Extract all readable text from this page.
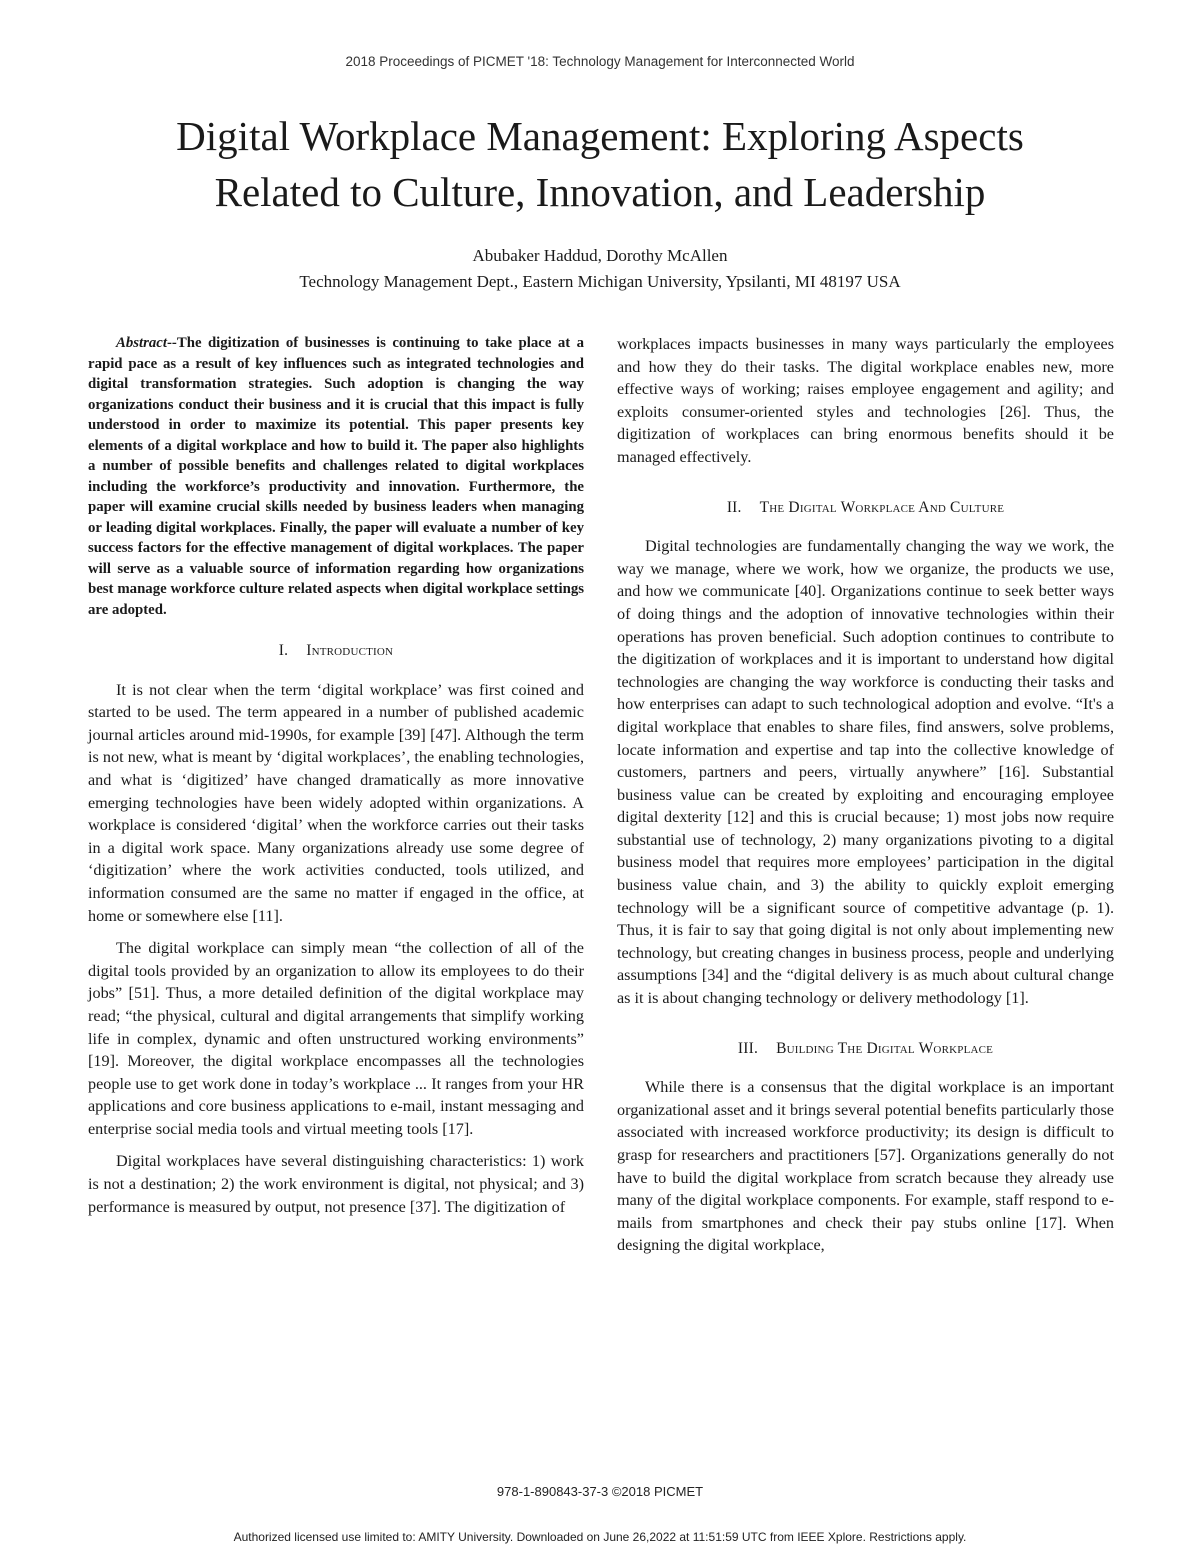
2018 Proceedings of PICMET '18: Technology Management for Interconnected World
Digital Workplace Management: Exploring Aspects
Related to Culture, Innovation, and Leadership
Abubaker Haddud, Dorothy McAllen
Technology Management Dept., Eastern Michigan University, Ypsilanti, MI 48197 USA

Abstract--The digitization of businesses is continuing to take place at a rapid pace as a result of key influences such as integrated technologies and digital transformation strategies. Such adoption is changing the way organizations conduct their business and it is crucial that this impact is fully understood in order to maximize its potential. This paper presents key elements of a digital workplace and how to build it. The paper also highlights a number of possible benefits and challenges related to digital workplaces including the workforce’s productivity and innovation. Furthermore, the paper will examine crucial skills needed by business leaders when managing or leading digital workplaces. Finally, the paper will evaluate a number of key success factors for the effective management of digital workplaces. The paper will serve as a valuable source of information regarding how organizations best manage workforce culture related aspects when digital workplace settings are adopted.

I. Introduction

It is not clear when the term ‘digital workplace’ was first coined and started to be used. The term appeared in a number of published academic journal articles around mid-1990s, for example [39] [47]. Although the term is not new, what is meant by ‘digital workplaces’, the enabling technologies, and what is ‘digitized’ have changed dramatically as more innovative emerging technologies have been widely adopted within organizations. A workplace is considered ‘digital’ when the workforce carries out their tasks in a digital work space. Many organizations already use some degree of ‘digitization’ where the work activities conducted, tools utilized, and information consumed are the same no matter if engaged in the office, at home or somewhere else [11].

The digital workplace can simply mean “the collection of all of the digital tools provided by an organization to allow its employees to do their jobs” [51]. Thus, a more detailed definition of the digital workplace may read; “the physical, cultural and digital arrangements that simplify working life in complex, dynamic and often unstructured working environments” [19]. Moreover, the digital workplace encompasses all the technologies people use to get work done in today’s workplace ... It ranges from your HR applications and core business applications to e-mail, instant messaging and enterprise social media tools and virtual meeting tools [17].

Digital workplaces have several distinguishing characteristics: 1) work is not a destination; 2) the work environment is digital, not physical; and 3) performance is measured by output, not presence [37]. The digitization of

workplaces impacts businesses in many ways particularly the employees and how they do their tasks. The digital workplace enables new, more effective ways of working; raises employee engagement and agility; and exploits consumer-oriented styles and technologies [26]. Thus, the digitization of workplaces can bring enormous benefits should it be managed effectively.

II. The Digital Workplace And Culture

Digital technologies are fundamentally changing the way we work, the way we manage, where we work, how we organize, the products we use, and how we communicate [40]. Organizations continue to seek better ways of doing things and the adoption of innovative technologies within their operations has proven beneficial. Such adoption continues to contribute to the digitization of workplaces and it is important to understand how digital technologies are changing the way workforce is conducting their tasks and how enterprises can adapt to such technological adoption and evolve. “It's a digital workplace that enables to share files, find answers, solve problems, locate information and expertise and tap into the collective knowledge of customers, partners and peers, virtually anywhere” [16]. Substantial business value can be created by exploiting and encouraging employee digital dexterity [12] and this is crucial because; 1) most jobs now require substantial use of technology, 2) many organizations pivoting to a digital business model that requires more employees’ participation in the digital business value chain, and 3) the ability to quickly exploit emerging technology will be a significant source of competitive advantage (p. 1). Thus, it is fair to say that going digital is not only about implementing new technology, but creating changes in business process, people and underlying assumptions [34] and the “digital delivery is as much about cultural change as it is about changing technology or delivery methodology [1].

III. Building The Digital Workplace

While there is a consensus that the digital workplace is an important organizational asset and it brings several potential benefits particularly those associated with increased workforce productivity; its design is difficult to grasp for researchers and practitioners [57]. Organizations generally do not have to build the digital workplace from scratch because they already use many of the digital workplace components. For example, staff respond to e-mails from smartphones and check their pay stubs online [17]. When designing the digital workplace,

978-1-890843-37-3 ©2018 PICMET
Authorized licensed use limited to: AMITY University. Downloaded on June 26,2022 at 11:51:59 UTC from IEEE Xplore. Restrictions apply.
